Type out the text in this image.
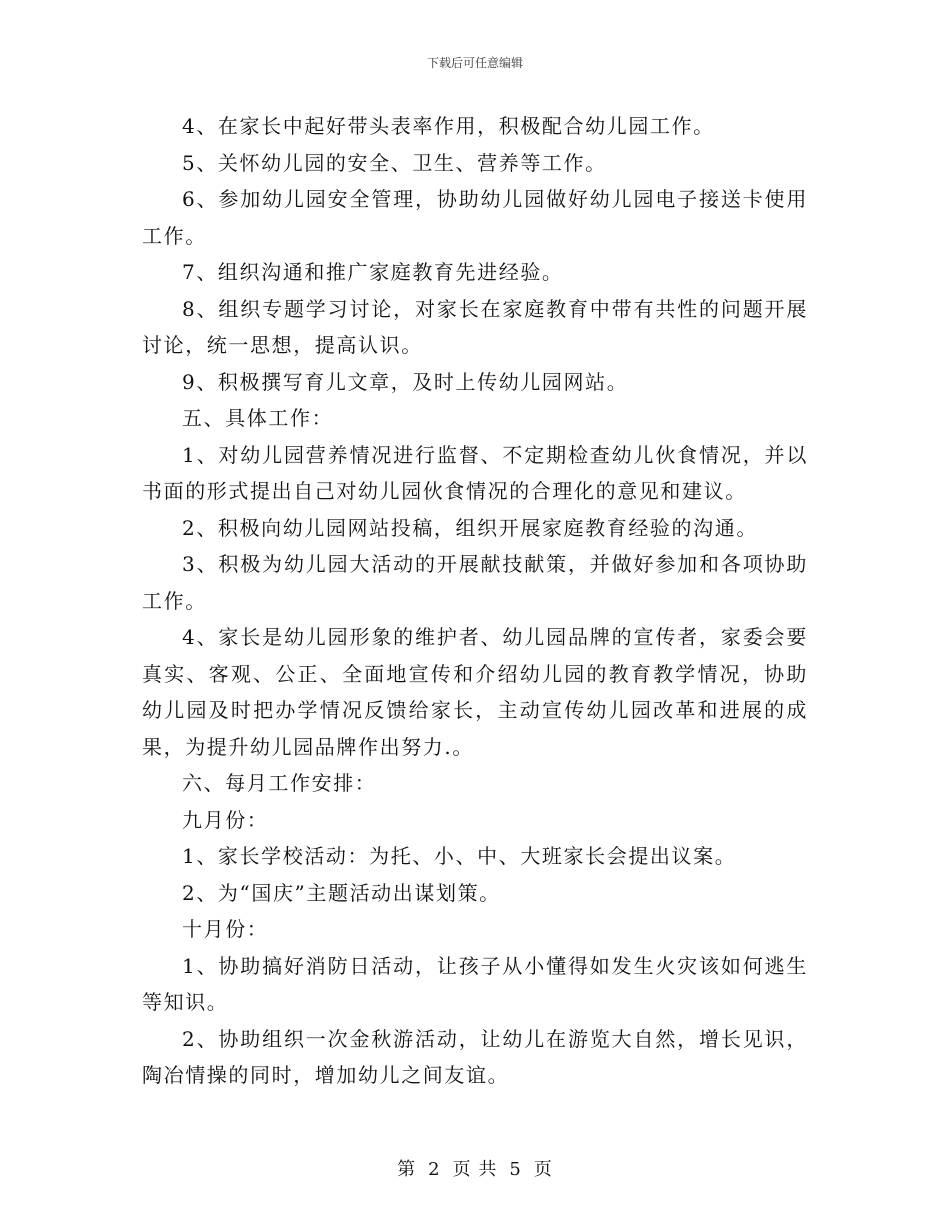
下载后可任意编辑

4、在家长中起好带头表率作用，积极配合幼儿园工作。

5、关怀幼儿园的安全、卫生、营养等工作。

6、参加幼儿园安全管理，协助幼儿园做好幼儿园电子接送卡使用工作。

7、组织沟通和推广家庭教育先进经验。

8、组织专题学习讨论，对家长在家庭教育中带有共性的问题开展讨论，统一思想，提高认识。

9、积极撰写育儿文章，及时上传幼儿园网站。

五、具体工作：

1、对幼儿园营养情况进行监督、不定期检查幼儿伙食情况，并以书面的形式提出自己对幼儿园伙食情况的合理化的意见和建议。

2、积极向幼儿园网站投稿，组织开展家庭教育经验的沟通。

3、积极为幼儿园大活动的开展献技献策，并做好参加和各项协助工作。

4、家长是幼儿园形象的维护者、幼儿园品牌的宣传者，家委会要真实、客观、公正、全面地宣传和介绍幼儿园的教育教学情况，协助幼儿园及时把办学情况反馈给家长，主动宣传幼儿园改革和进展的成果，为提升幼儿园品牌作出努力.。

六、每月工作安排：

九月份：

1、家长学校活动：为托、小、中、大班家长会提出议案。

2、为“国庆”主题活动出谋划策。

十月份：

1、协助搞好消防日活动，让孩子从小懂得如发生火灾该如何逃生等知识。

2、协助组织一次金秋游活动，让幼儿在游览大自然，增长见识，陶冶情操的同时，增加幼儿之间友谊。

第 2 页 共 5 页
